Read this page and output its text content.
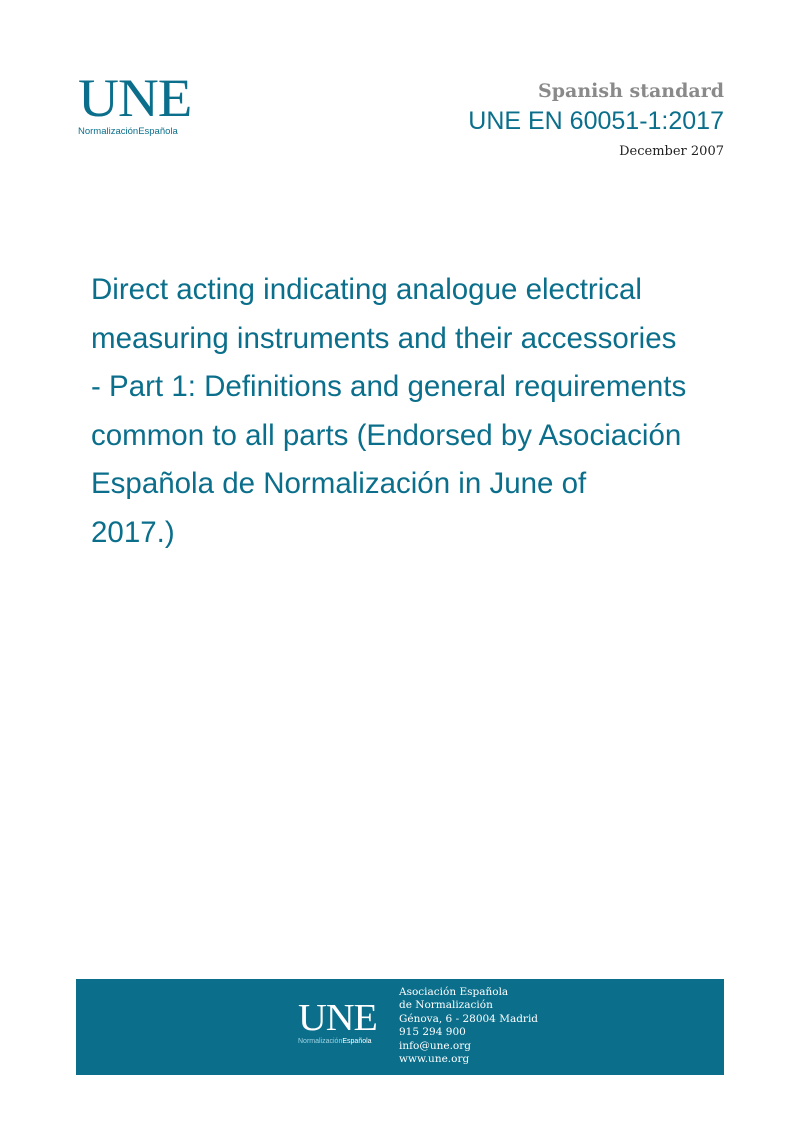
UNE
NormalizaciónEspañola
Spanish standard
UNE EN 60051-1:2017
December 2007
Direct acting indicating analogue electrical
measuring instruments and their accessories
- Part 1: Definitions and general requirements
common to all parts (Endorsed by Asociación
Española de Normalización in June of
2017.)
UNE
NormalizaciónEspañola
Asociación Española
de Normalización
Génova, 6 - 28004 Madrid
915 294 900
info@une.org
www.une.org
